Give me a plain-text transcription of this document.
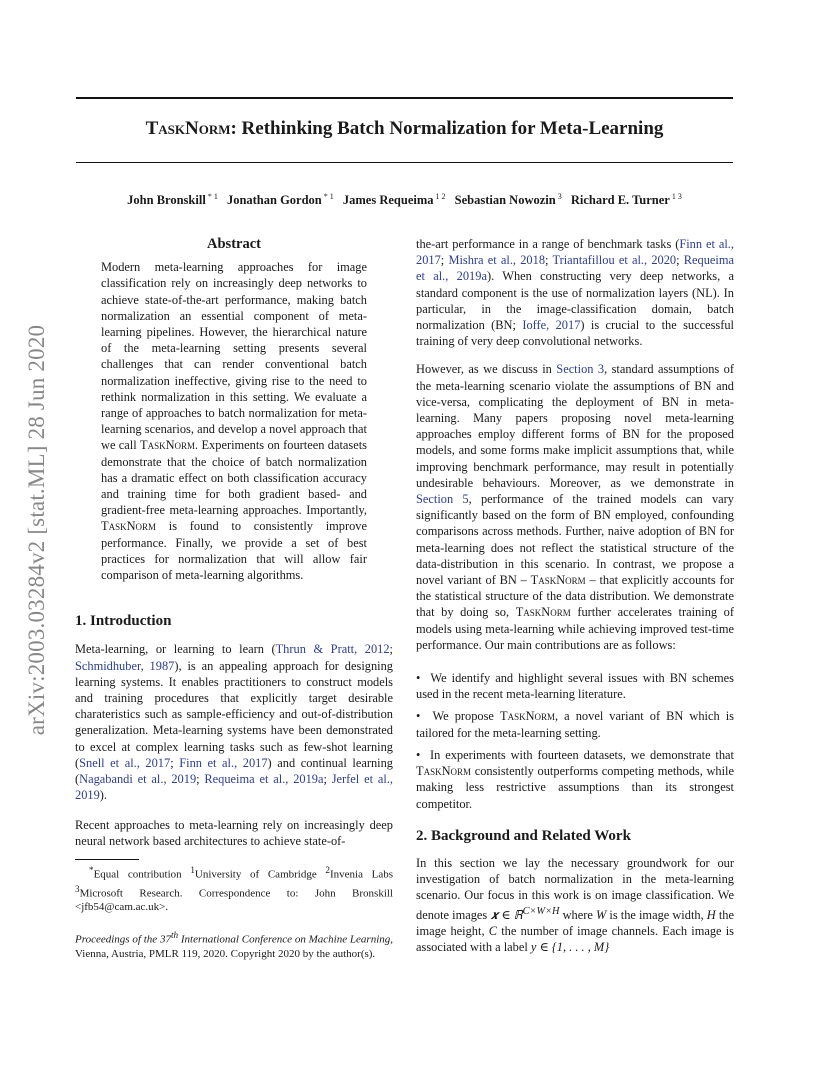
TaskNorm: Rethinking Batch Normalization for Meta-Learning
John Bronskill $^{* 1}$ Jonathan Gordon $^{* 1}$ James Requeima $^{1 2}$ Sebastian Nowozin $^3$ Richard E. Turner $^{1 3}$
arXiv:2003.03284v2 [stat.ML] 28 Jun 2020
Abstract

Modern meta-learning approaches for image classification rely on increasingly deep networks to achieve state-of-the-art performance, making batch normalization an essential component of meta-learning pipelines. However, the hierarchical nature of the meta-learning setting presents several challenges that can render conventional batch normalization ineffective, giving rise to the need to rethink normalization in this setting. We evaluate a range of approaches to batch normalization for meta-learning scenarios, and develop a novel approach that we call TaskNorm. Experiments on fourteen datasets demonstrate that the choice of batch normalization has a dramatic effect on both classification accuracy and training time for both gradient based- and gradient-free meta-learning approaches. Importantly, TaskNorm is found to consistently improve performance. Finally, we provide a set of best practices for normalization that will allow fair comparison of meta-learning algorithms.

1. Introduction

Meta-learning, or learning to learn (Thrun & Pratt, 2012; Schmidhuber, 1987), is an appealing approach for designing learning systems. It enables practitioners to construct models and training procedures that explicitly target desirable charateristics such as sample-efficiency and out-of-distribution generalization. Meta-learning systems have been demonstrated to excel at complex learning tasks such as few-shot learning (Snell et al., 2017; Finn et al., 2017) and continual learning (Nagabandi et al., 2019; Requeima et al., 2019a; Jerfel et al., 2019).

Recent approaches to meta-learning rely on increasingly deep neural network based architectures to achieve state-of-

*Equal contribution $^1$University of Cambridge $^2$Invenia Labs $^3$Microsoft Research. Correspondence to: John Bronskill <jfb54@cam.ac.uk>.

Proceedings of the 37th International Conference on Machine Learning, Vienna, Austria, PMLR 119, 2020. Copyright 2020 by the author(s).

the-art performance in a range of benchmark tasks (Finn et al., 2017; Mishra et al., 2018; Triantafillou et al., 2020; Requeima et al., 2019a). When constructing very deep networks, a standard component is the use of normalization layers (NL). In particular, in the image-classification domain, batch normalization (BN; Ioffe, 2017) is crucial to the successful training of very deep convolutional networks.

However, as we discuss in Section 3, standard assumptions of the meta-learning scenario violate the assumptions of BN and vice-versa, complicating the deployment of BN in meta-learning. Many papers proposing novel meta-learning approaches employ different forms of BN for the proposed models, and some forms make implicit assumptions that, while improving benchmark performance, may result in potentially undesirable behaviours. Moreover, as we demonstrate in Section 5, performance of the trained models can vary significantly based on the form of BN employed, confounding comparisons across methods. Further, naive adoption of BN for meta-learning does not reflect the statistical structure of the data-distribution in this scenario. In contrast, we propose a novel variant of BN – TaskNorm – that explicitly accounts for the statistical structure of the data distribution. We demonstrate that by doing so, TaskNorm further accelerates training of models using meta-learning while achieving improved test-time performance. Our main contributions are as follows:

•  We identify and highlight several issues with BN schemes used in the recent meta-learning literature.
•  We propose TaskNorm, a novel variant of BN which is tailored for the meta-learning setting.
•  In experiments with fourteen datasets, we demonstrate that TaskNorm consistently outperforms competing methods, while making less restrictive assumptions than its strongest competitor.
2. Background and Related Work

In this section we lay the necessary groundwork for our investigation of batch normalization in the meta-learning scenario. Our focus in this work is on image classification. We denote images 𝒙 ∈ ℝ$^{C\times W\times H}$ where W is the image width, H the image height, C the number of image channels. Each image is associated with a label y ∈ {1, . . . , M}
